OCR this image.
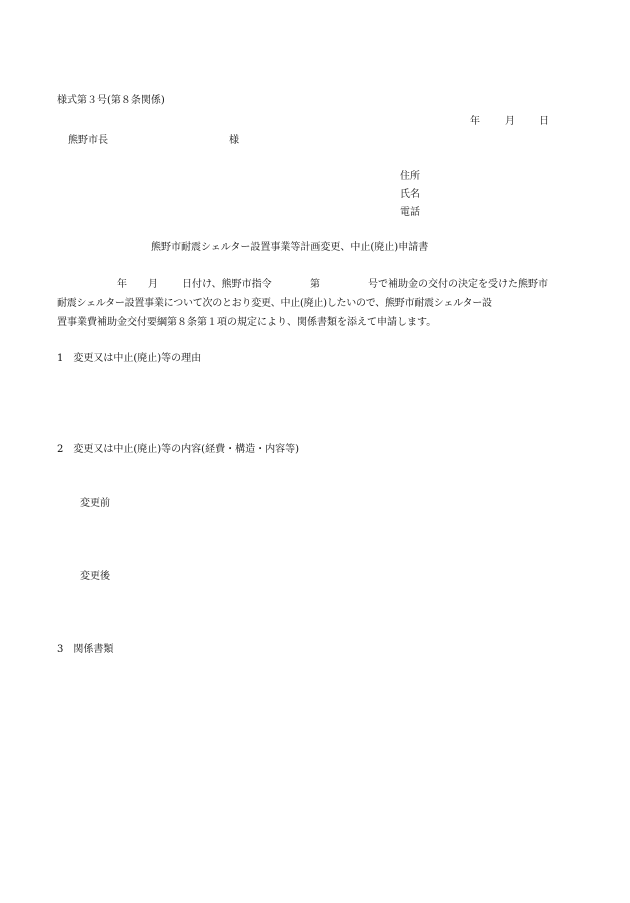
様式第３号(第８条関係)
年	月 日
熊野市長	様
住所
氏名
電話
熊野市耐震シェルター設置事業等計画変更、中止(廃止)申請書
年 月 日付け、熊野市指令	第	号で補助金の交付の決定を受けた熊野市
耐震シェルター設置事業について次のとおり変更、中止(廃止)したいので、熊野市耐震シェルター設
置事業費補助金交付要綱第８条第１項の規定により、関係書類を添えて申請します。
1　変更又は中止(廃止)等の理由
2　変更又は中止(廃止)等の内容(経費・構造・内容等)
変更前
変更後
3　関係書類
